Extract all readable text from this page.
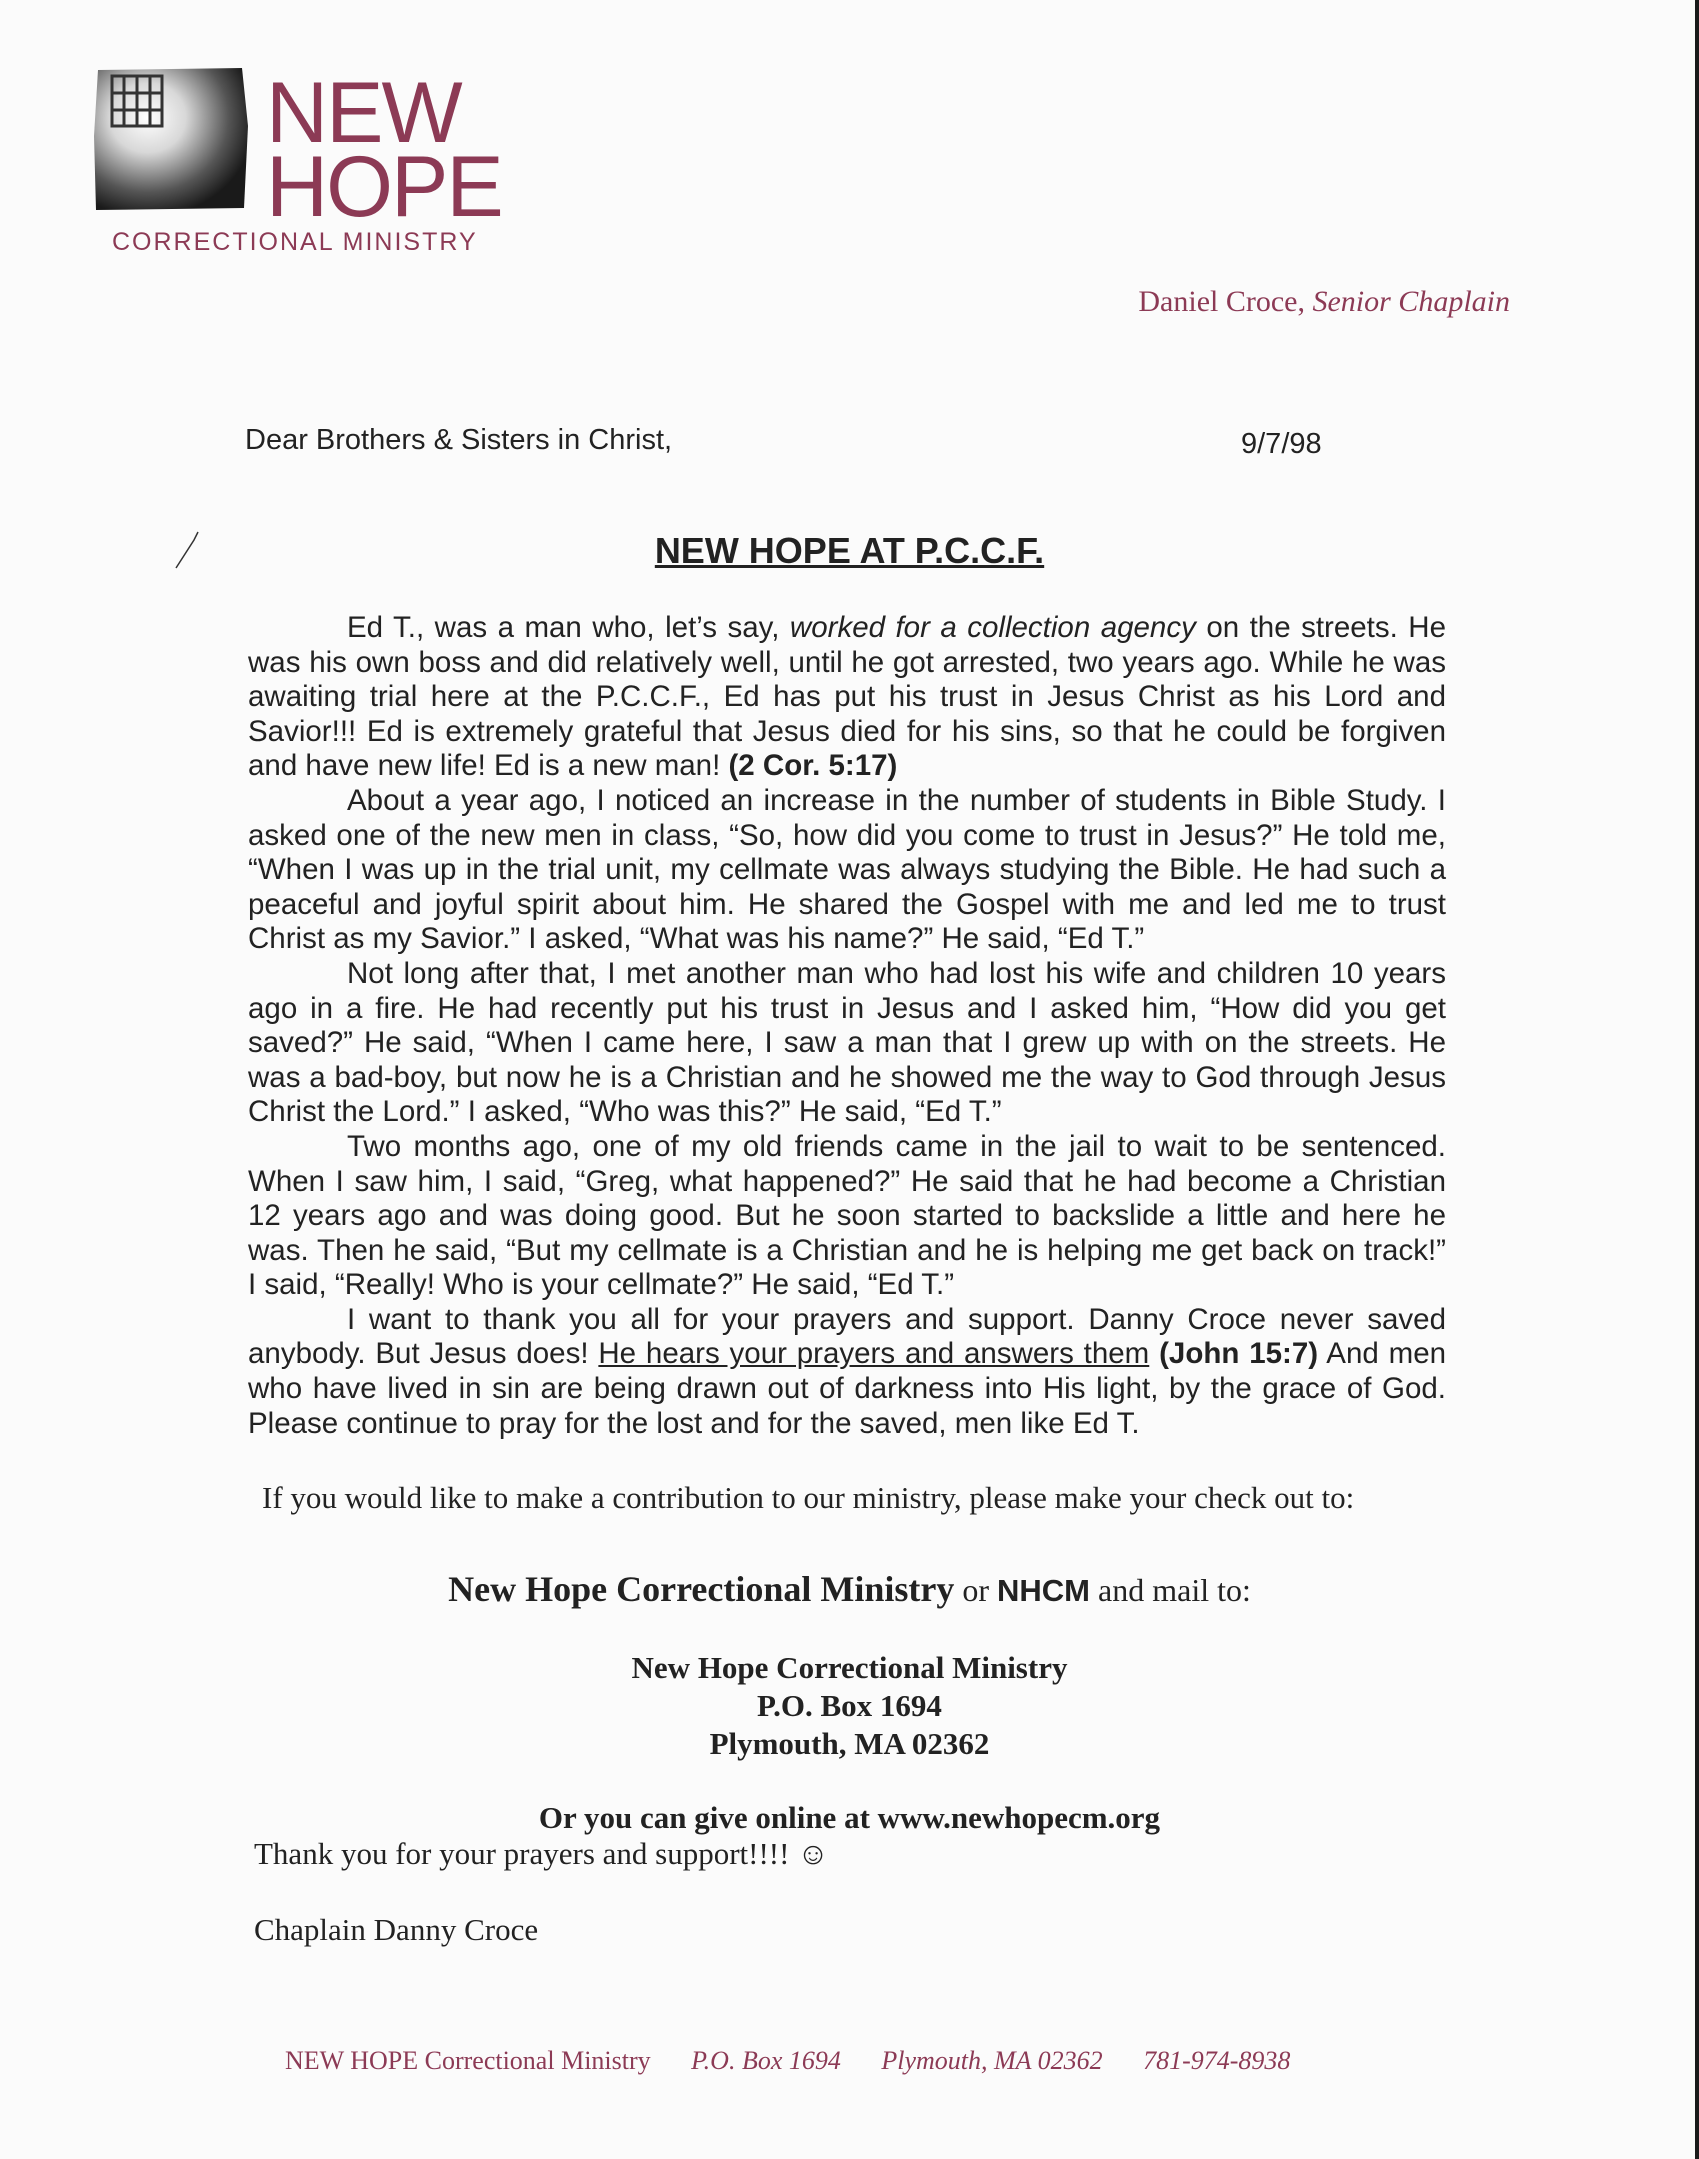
NEW
HOPE
CORRECTIONAL MINISTRY
Daniel Croce, Senior Chaplain
Dear Brothers & Sisters in Christ,	9/7/98
NEW HOPE AT P.C.C.F.

Ed T., was a man who, let’s say, worked for a collection agency on the streets. He was his own boss and did relatively well, until he got arrested, two years ago. While he was awaiting trial here at the P.C.C.F., Ed has put his trust in Jesus Christ as his Lord and Savior!!! Ed is extremely grateful that Jesus died for his sins, so that he could be forgiven and have new life! Ed is a new man! (2 Cor. 5:17)

About a year ago, I noticed an increase in the number of students in Bible Study. I asked one of the new men in class, “So, how did you come to trust in Jesus?” He told me, “When I was up in the trial unit, my cellmate was always studying the Bible. He had such a peaceful and joyful spirit about him. He shared the Gospel with me and led me to trust Christ as my Savior.” I asked, “What was his name?” He said, “Ed T.”

Not long after that, I met another man who had lost his wife and children 10 years ago in a fire. He had recently put his trust in Jesus and I asked him, “How did you get saved?” He said, “When I came here, I saw a man that I grew up with on the streets. He was a bad-boy, but now he is a Christian and he showed me the way to God through Jesus Christ the Lord.” I asked, “Who was this?” He said, “Ed T.”

Two months ago, one of my old friends came in the jail to wait to be sentenced. When I saw him, I said, “Greg, what happened?” He said that he had become a Christian 12 years ago and was doing good. But he soon started to backslide a little and here he was. Then he said, “But my cellmate is a Christian and he is helping me get back on track!” I said, “Really! Who is your cellmate?” He said, “Ed T.”

I want to thank you all for your prayers and support. Danny Croce never saved anybody. But Jesus does! He hears your prayers and answers them (John 15:7) And men who have lived in sin are being drawn out of darkness into His light, by the grace of God. Please continue to pray for the lost and for the saved, men like Ed T.

If you would like to make a contribution to our ministry, please make your check out to:
New Hope Correctional Ministry or NHCM and mail to:
New Hope Correctional Ministry
P.O. Box 1694
Plymouth, MA 02362
Or you can give online at www.newhopecm.org
Thank you for your prayers and support!!!! ☺
Chaplain Danny Croce
NEW HOPE Correctional Ministry P.O. Box 1694 Plymouth, MA 02362 781-974-8938
